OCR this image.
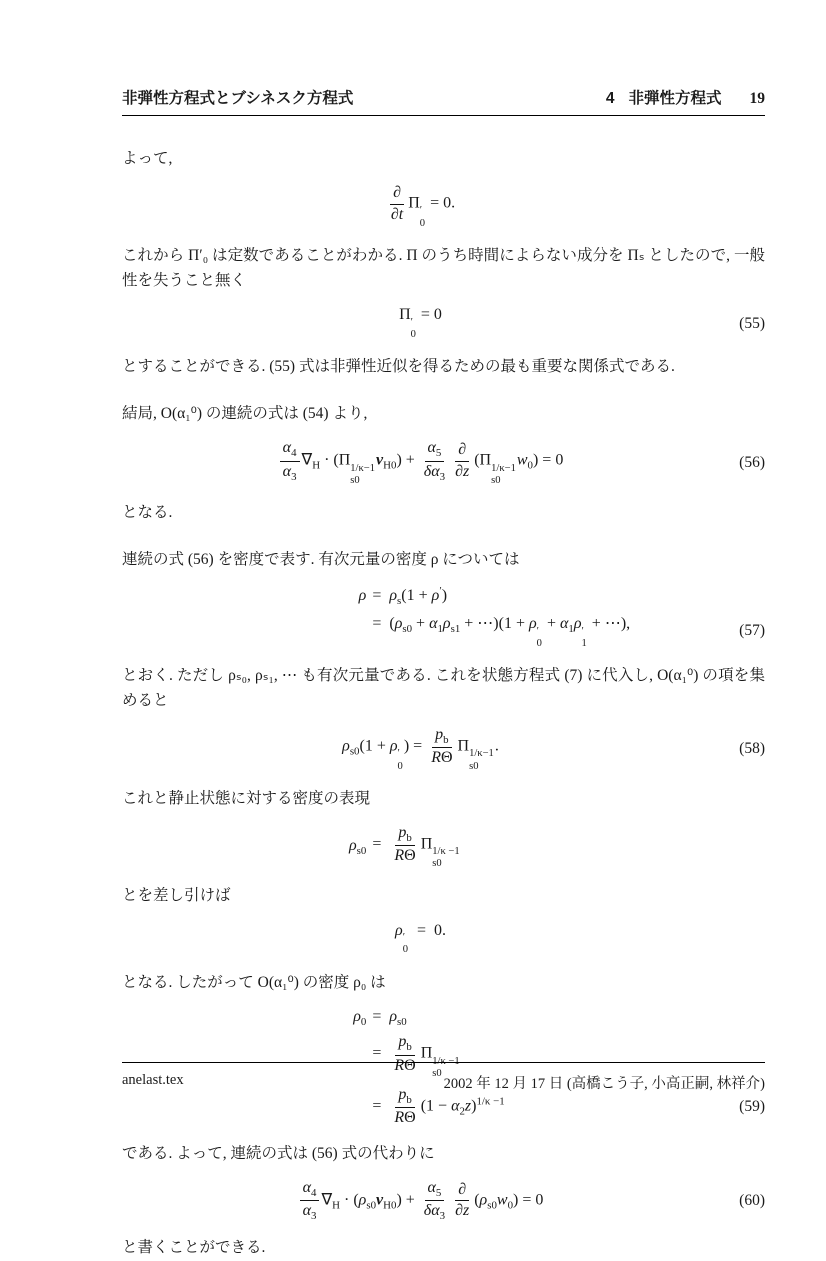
非弾性方程式とブシネスク方程式	4 非弾性方程式 19

よって,

∂
∂t
Π ′
0
= 0.	

これから Π′₀ は定数であることがわかる. Π のうち時間によらない成分を Πₛ としたので, 一般性を失うこと無く

Π ′
0
= 0	(55)

とすることができる. (55) 式は非弾性近似を得るための最も重要な関係式である.

結局, O(α₁⁰) の連続の式は (54) より,

$\frac{\alpha_4}{\alpha_3} \nabla_H \cdot (\Pi$ 1/κ−1
s0
$v_{H0}) + \frac{\alpha_5}{\delta\alpha_3}$ ∂
∂z
(Π 1/κ−1
s0
$w_0) = 0$	(56)

となる.

連続の式 (56) を密度で表す. 有次元量の密度 ρ については

ρ	=  $\rho_s(1 + \rho')$	
	=  ($\rho_{s0} + \alpha_1\rho_{s1}$ + ⋯)(1 + ρ ′
0
+ $\alpha_1\rho$ ′
1
+ ⋯),	(57)

とおく. ただし ρₛ₀, ρₛ₁, ⋯ も有次元量である. これを状態方程式 (7) に代入し, O(α₁⁰) の項を集めると

$\rho_{s0}(1 + \rho$ ′
0
) = $\frac{p_b}{R\Theta}$ Π 1/κ−1
s0
.	(58)

これと静止状態に対する密度の表現

$\rho_{s0}$	= $\frac{p_b}{R\Theta}$ Π 1/κ −1
s0

とを差し引けば

ρ ′
0
=  0.	

となる. したがって O(α₁⁰) の密度 ρ₀ は

$\rho_0$	=  $\rho_{s0}$	
	= $\frac{p_b}{R\Theta}$ Π 1/κ −1
s0

	= $\frac{p_b}{R\Theta} (1 - \alpha_2z)^{1/\kappa -1}$	(59)

である. よって, 連続の式は (56) 式の代わりに

$\frac{\alpha_4}{\alpha_3} \nabla_H \cdot (\rho_{s0}v_{H0}) + \frac{\alpha_5}{\delta\alpha_3}$ ∂
∂z
$(\rho_{s0}w_0) = 0$	(60)

と書くことができる.

anelast.tex	2002 年 12 月 17 日 (高橋こう子, 小高正嗣, 林祥介)
